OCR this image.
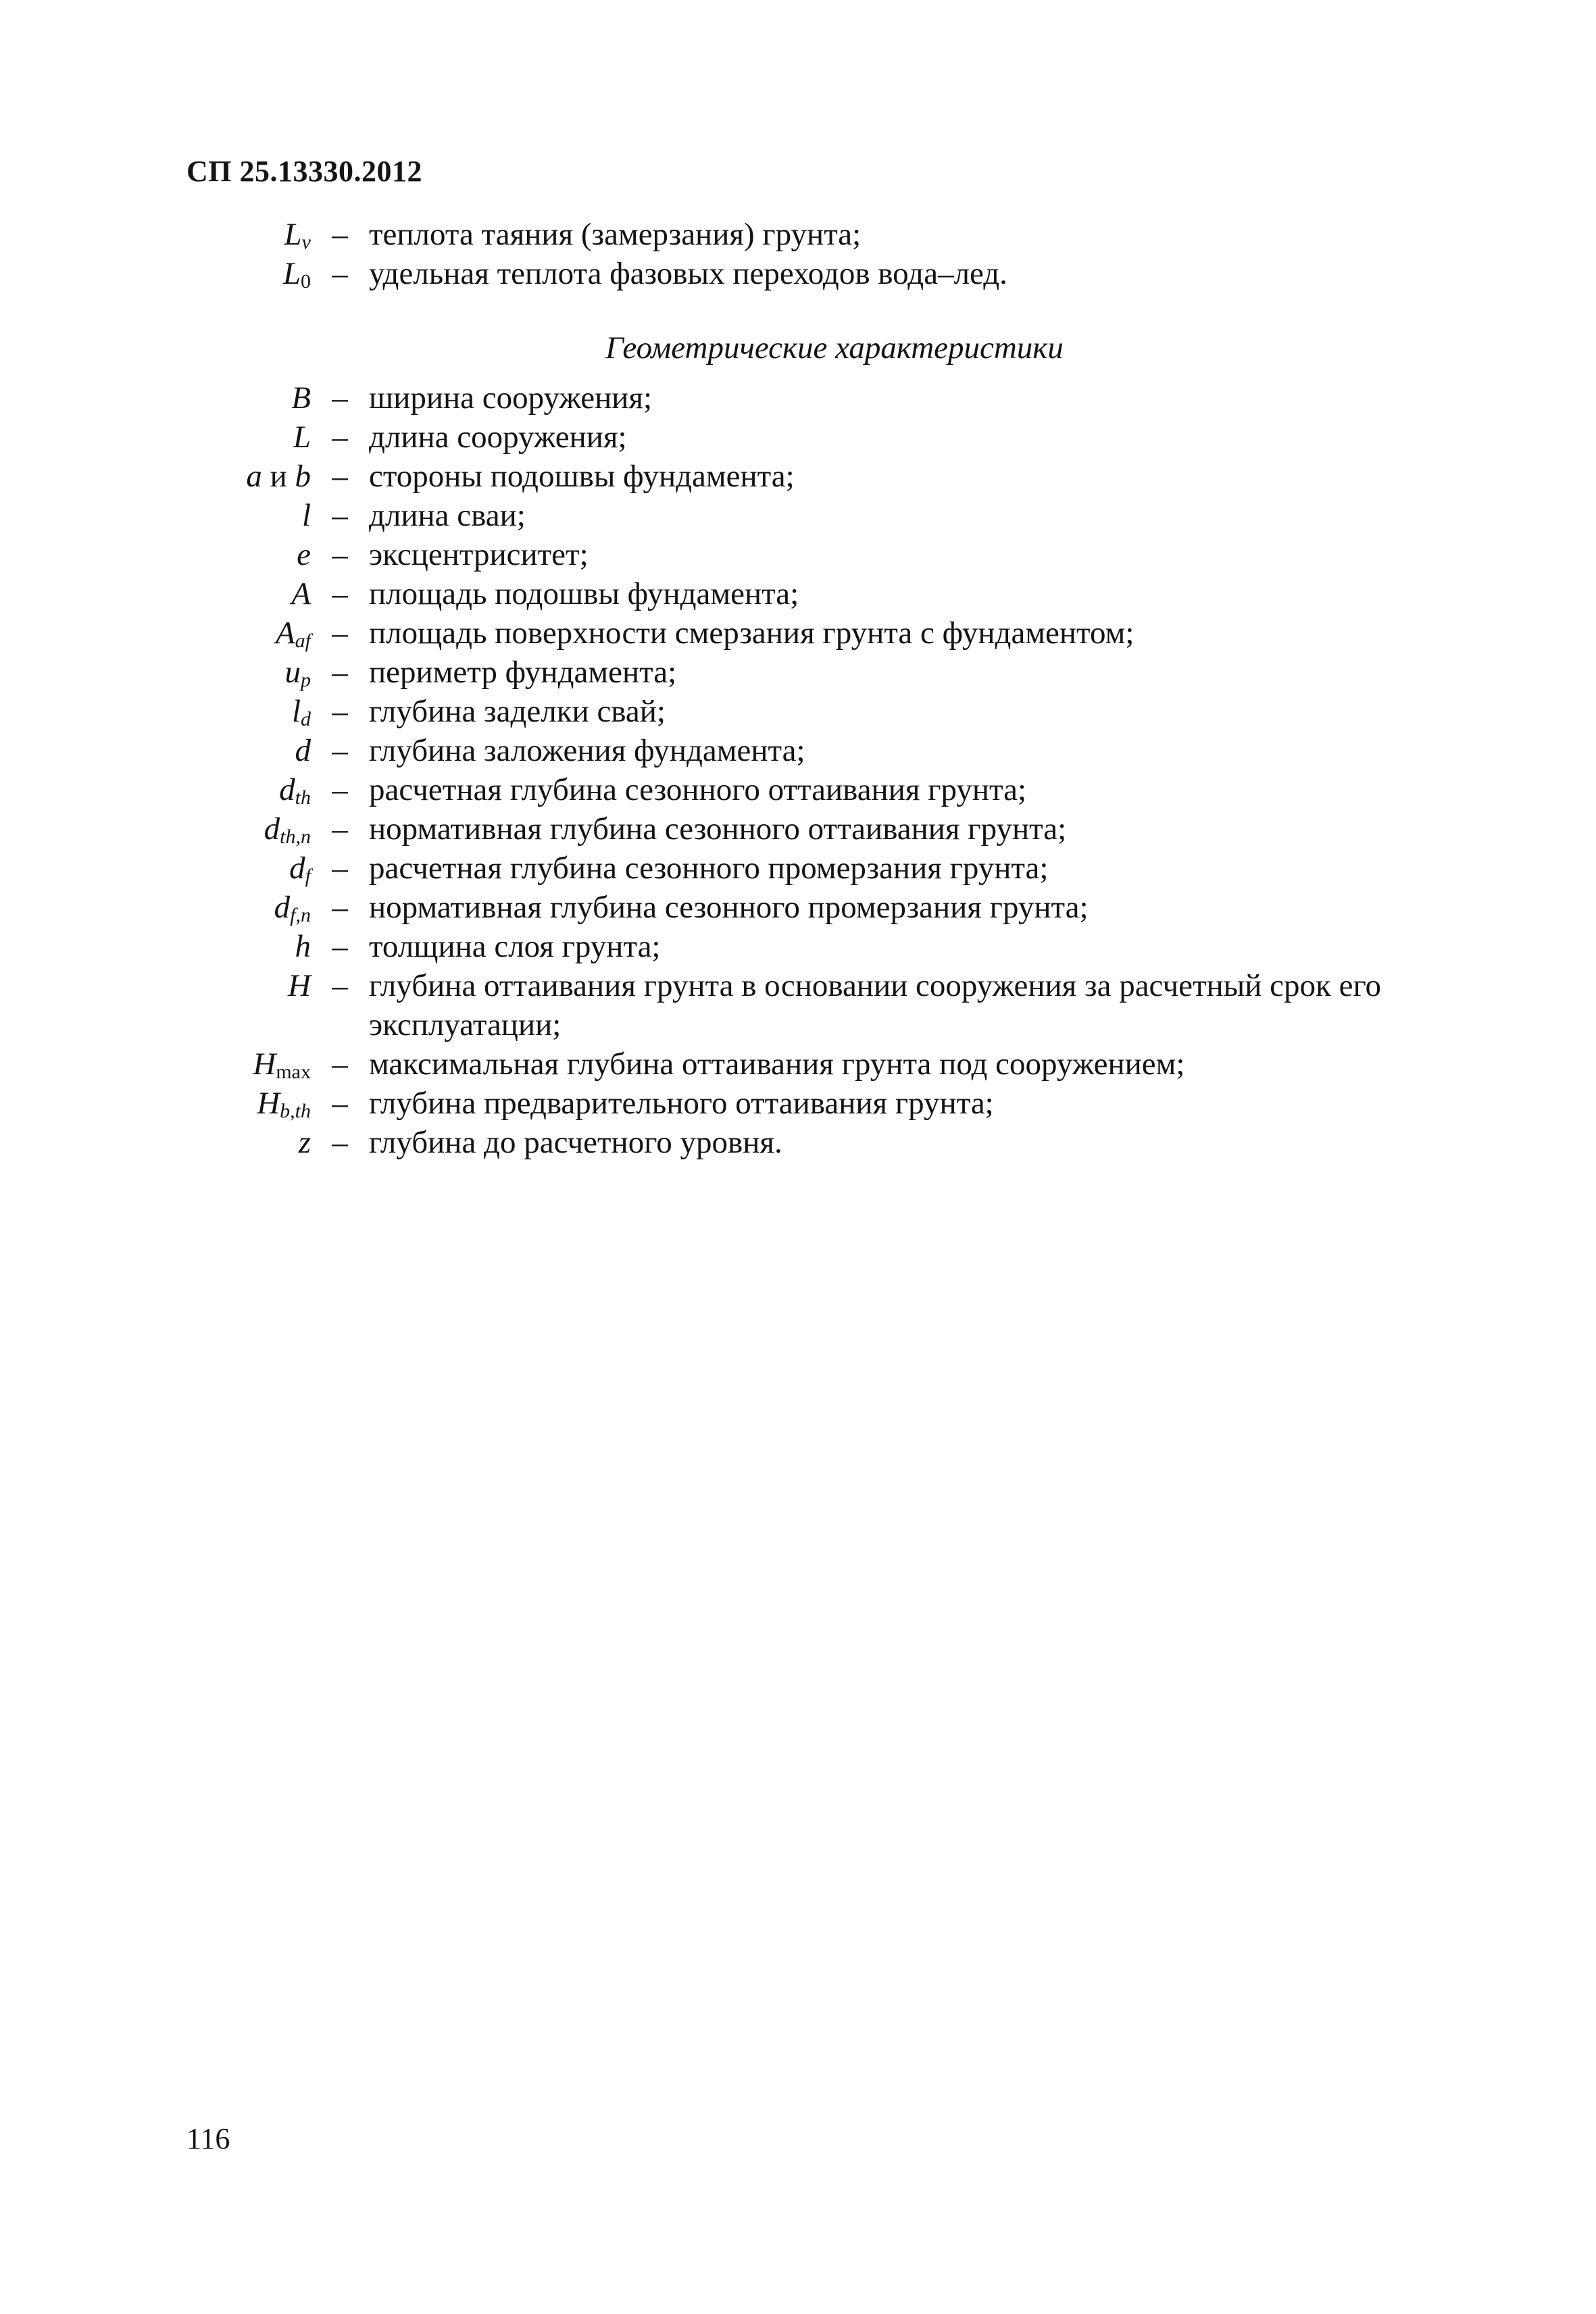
СП 25.13330.2012
$L_v$ – теплота таяния (замерзания) грунта;
$L_0$ – удельная теплота фазовых переходов вода–лед.
Геометрические характеристики
B – ширина сооружения;
L – длина сооружения;
a и b – стороны подошвы фундамента;
l – длина сваи;
e – эксцентриситет;
A – площадь подошвы фундамента;
$A_{af}$ – площадь поверхности смерзания грунта с фундаментом;
$u_p$ – периметр фундамента;
$l_d$ – глубина заделки свай;
d – глубина заложения фундамента;
$d_{th}$ – расчетная глубина сезонного оттаивания грунта;
$d_{th,n}$ – нормативная глубина сезонного оттаивания грунта;
$d_f$ – расчетная глубина сезонного промерзания грунта;
$d_{f,n}$ – нормативная глубина сезонного промерзания грунта;
h – толщина слоя грунта;
H – глубина оттаивания грунта в основании сооружения за расчетный срок его эксплуатации;
$H_{max}$ – максимальная глубина оттаивания грунта под сооружением;
$H_{b,th}$ – глубина предварительного оттаивания грунта;
z – глубина до расчетного уровня.
116
